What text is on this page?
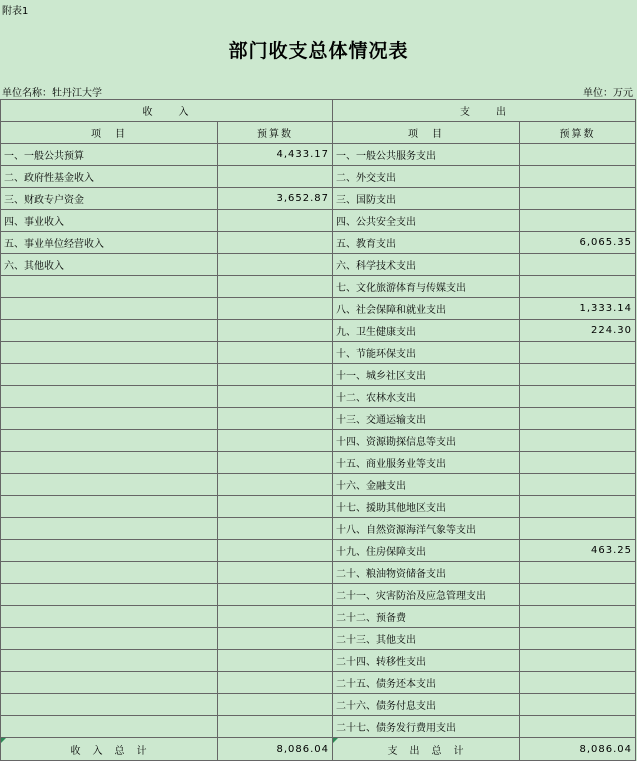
附表1
部门收支总体情况表
单位名称：牡丹江大学	单位：万元
收　　入		支　　出	
项　目	预算数	项　目	预算数
一、一般公共预算	4,433.17	一、一般公共服务支出	
二、政府性基金收入		二、外交支出	
三、财政专户资金	3,652.87	三、国防支出	
四、事业收入		四、公共安全支出	
五、事业单位经营收入		五、教育支出	6,065.35
六、其他收入		六、科学技术支出	
		七、文化旅游体育与传媒支出	
		八、社会保障和就业支出	1,333.14
		九、卫生健康支出	224.30
		十、节能环保支出	
		十一、城乡社区支出	
		十二、农林水支出	
		十三、交通运输支出	
		十四、资源勘探信息等支出	
		十五、商业服务业等支出	
		十六、金融支出	
		十七、援助其他地区支出	
		十八、自然资源海洋气象等支出	
		十九、住房保障支出	463.25
		二十、粮油物资储备支出	
		二十一、灾害防治及应急管理支出	
		二十二、预备费	
		二十三、其他支出	
		二十四、转移性支出	
		二十五、债务还本支出	
		二十六、债务付息支出	
		二十七、债务发行费用支出	
收　入　总　计	8,086.04	支　出　总　计	8,086.04
